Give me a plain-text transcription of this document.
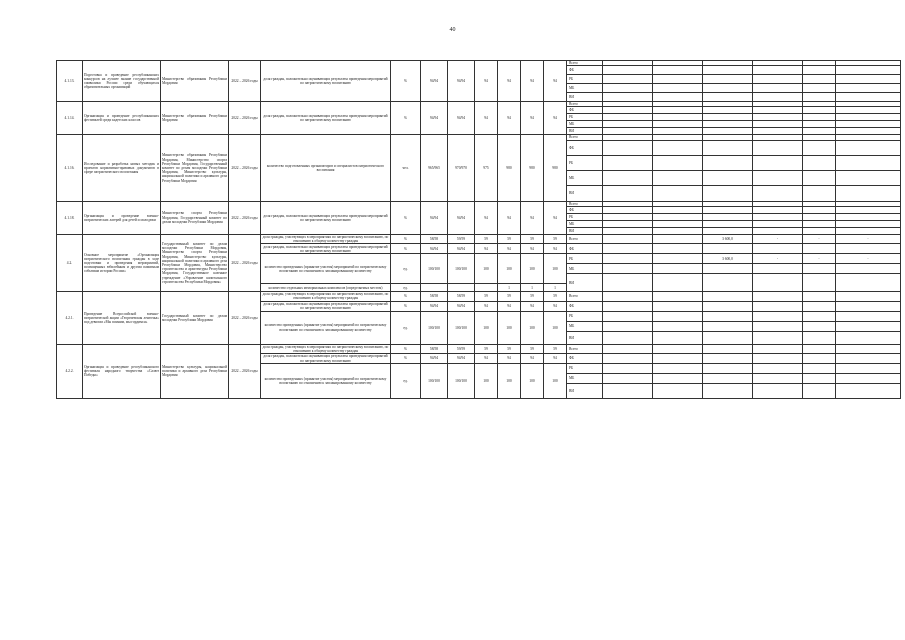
40
4.1.13.	Подготовка и проведение республиканских конкурсов на лучшее знание государственной символики России среди обучающихся образовательных организаций	Министерство образования Республики Мордовия	2022 – 2026 годы	доля граждан, положительно оценивающих результаты проведения мероприятий по патриотическому воспитанию	%	94/94	94/94	94	94	94	94	Всего						
												ФБ						
												РБ						
												МБ						
												ВИ						
4.1.14.	Организация и проведение республиканских фестивалей среди кадетских классов	Министерство образования Республики Мордовия	2022 – 2026 годы	доля граждан, положительно оценивающих результаты проведения мероприятий по патриотическому воспитанию	%	94/94	94/94	94	94	94	94	Всего						
												ФБ						
												РБ						
												МБ						
												ВИ						
4.1.16.	Исследование и разработка новых методик и проектов нормативно-правовых документов в сфере патриотического воспитания	Министерство образования Республики Мордовия, Министерство спорта Республики Мордовия, Государственный комитет по делам молодежи Республики Мордовия, Министерство культуры, национальной политики и архивного дела Республики Мордовия	2022 – 2026 годы	количество подготовленных организаторов и специалистов патриотического воспитания	чел.	965/965	970/970	975	980	980	980	Всего						
												ФБ						
												РБ						
												МБ						
												ВИ						
4.1.18.	Организация и проведение военно-патриотических лагерей для детей и молодежи	Министерство спорта Республики Мордовия, Государственный комитет по делам молодежи Республики Мордовия	2022 – 2026 годы	доля граждан, положительно оценивающих результаты проведения мероприятий по патриотическому воспитанию	%	94/94	94/94	94	94	94	94	Всего						
												ФБ						
												РБ						
												МБ						
												ВИ						
4.2.	Основное мероприятие «Организация патриотического воспитания граждан в ходе подготовки и проведения мероприятий, посвященных юбилейным и другим памятным событиям истории России»	Государственный комитет по делам молодежи Республики Мордовия, Министерство спорта Республики Мордовия, Министерство культуры, национальной политики и архивного дела Республики Мордовия, Министерство строительства и архитектуры Республики Мордовия, Государственное казенное учреждение «Управление капитального строительства Республики Мордовия»	2022 – 2026 годы	доля граждан, участвующих в мероприятиях по патриотическому воспитанию, по отношению к общему количеству граждан	%	58/58	59/59	59	59	59	59	Всего			3 600,0	-	-	-
				доля граждан, положительно оценивающих результаты проведения мероприятий по патриотическому воспитанию	%	94/94	94/94	94	94	94	94	ФБ						
				количество проведенных (принятие участия) мероприятий по патриотическому воспитанию по отношению к запланированному количеству	ед.	100/100	100/100	100	100	100	100	РБ			3 600,0	-	-	-
												МБ						
												ВИ						
				количество отдельных мемориальных комплексов (определяемых местом)	ед.				1	1	1							
4.2.1.	Проведение Всероссийской военно-патриотической акции «Георгиевская ленточка» под девизом «Мы помним, мы гордимся»	Государственный комитет по делам молодежи Республики Мордовия	2022 – 2026 годы	доля граждан, участвующих в мероприятиях по патриотическому воспитанию, по отношению к общему количеству граждан	%	58/58	58/59	59	59	59	59	Всего						
				доля граждан, положительно оценивающих результаты проведения мероприятий по патриотическому воспитанию	%	94/94	94/94	94	94	94	94	ФБ						
				количество проведенных (принятие участия) мероприятий по патриотическому воспитанию по отношению к запланированному количеству	ед.	100/100	100/100	100	100	100	100	РБ						
												МБ						
												ВИ						
4.2.2.	Организация и проведение республиканского фестиваля народного творчества «Салют Победы»	Министерство культуры, национальной политики и архивного дела Республики Мордовия	2022 – 2026 годы	доля граждан, участвующих в мероприятиях по патриотическому воспитанию, по отношению к общему количеству граждан	%	58/58	59/59	59	59	59	59	Всего						
				доля граждан, положительно оценивающих результаты проведения мероприятий по патриотическому воспитанию	%	94/94	94/94	94	94	94	94	ФБ						
				количество проведенных (принятие участия) мероприятий по патриотическому воспитанию по отношению к запланированному количеству	ед.	100/100	100/100	100	100	100	100	РБ						
												МБ						
												ВИ						
